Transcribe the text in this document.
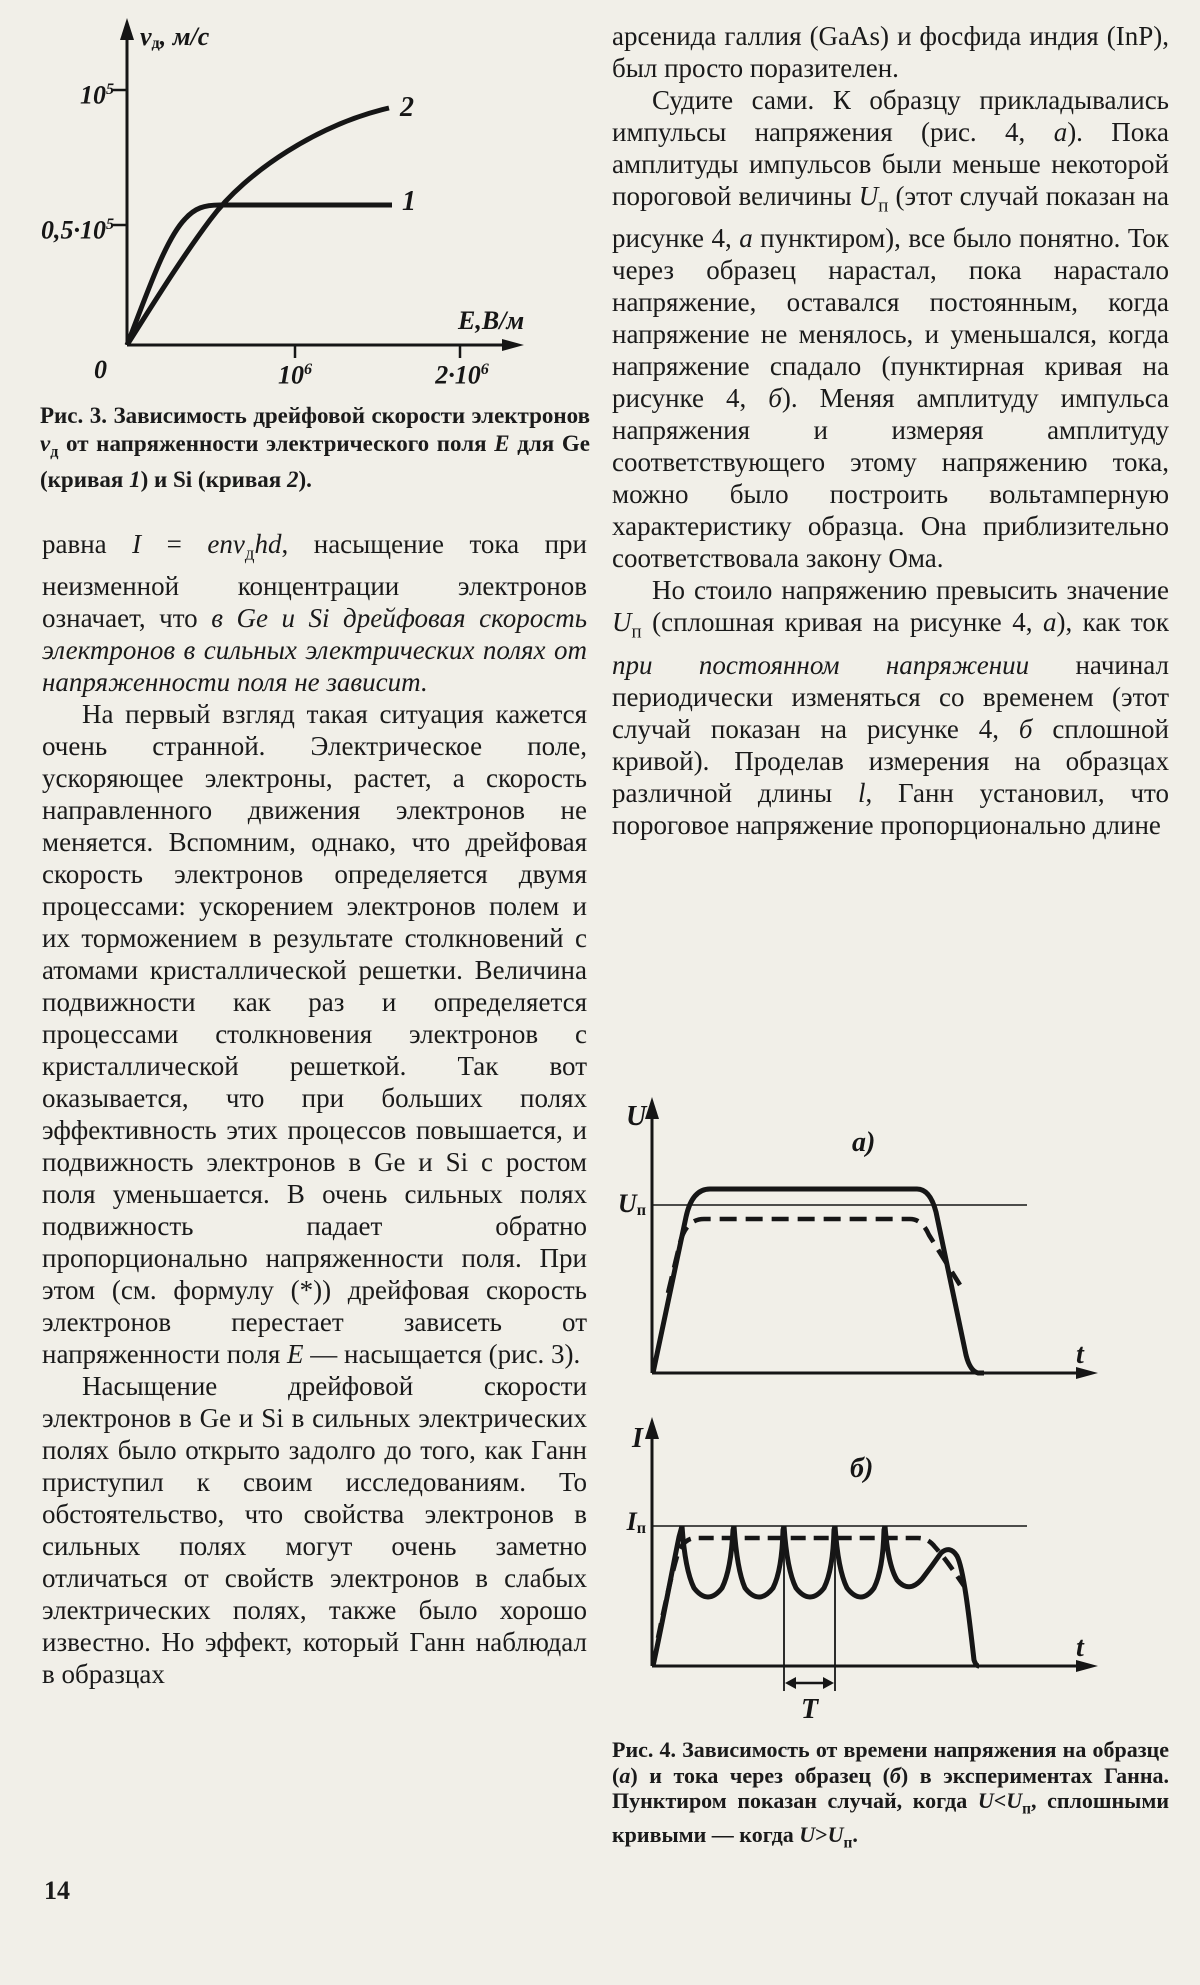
$v_д$, м/с
$10^5$
$0,5\cdot 10^5$
0	$10^6$	$2\cdot 10^6$
E,В/м
2
1
Рис. 3. Зависимость дрейфовой скорости электронов $v_д$ от напряженности электрического поля E для Ge (кривая 1) и Si (кривая 2).

равна I = env$_д$hd, насыщение тока при неизменной концентрации электронов означает, что в Ge и Si дрейфовая скорость электронов в сильных электрических полях от напряженности поля не зависит.

На первый взгляд такая ситуация кажется очень странной. Электрическое поле, ускоряющее электроны, растет, а скорость направленного движения электронов не меняется. Вспомним, однако, что дрейфовая скорость электронов определяется двумя процессами: ускорением электронов полем и их торможением в результате столкновений с атомами кристаллической решетки. Величина подвижности как раз и определяется процессами столкновения электронов с кристаллической решеткой. Так вот оказывается, что при больших полях эффективность этих процессов повышается, и подвижность электронов в Ge и Si с ростом поля уменьшается. В очень сильных полях подвижность падает обратно пропорционально напряженности поля. При этом (см. формулу (*)) дрейфовая скорость электронов перестает зависеть от напряженности поля E — насыщается (рис. 3).

Насыщение дрейфовой скорости электронов в Ge и Si в сильных электрических полях было открыто задолго до того, как Ганн приступил к своим исследованиям. То обстоятельство, что свойства электронов в сильных полях могут очень заметно отличаться от свойств электронов в слабых электрических полях, также было хорошо известно. Но эффект, который Ганн наблюдал в образцах

14

арсенида галлия (GaAs) и фосфида индия (InP), был просто поразителен.

Судите сами. К образцу прикладывались импульсы напряжения (рис. 4, а). Пока амплитуды импульсов были меньше некоторой пороговой величины $U_п$ (этот случай показан на рисунке 4, а пунктиром), все было понятно. Ток через образец нарастал, пока нарастало напряжение, оставался постоянным, когда напряжение не менялось, и уменьшался, когда напряжение спадало (пунктирная кривая на рисунке 4, б). Меняя амплитуду импульса напряжения и измеряя амплитуду соответствующего этому напряжению тока, можно было построить вольтамперную характеристику образца. Она приблизительно соответствовала закону Ома.

Но стоило напряжению превысить значение $U_п$ (сплошная кривая на рисунке 4, а), как ток при постоянном напряжении начинал периодически изменяться со временем (этот случай показан на рисунке 4, б сплошной кривой). Проделав измерения на образцах различной длины l, Ганн установил, что пороговое напряжение пропорционально длине

U
а)
$U_п$
t
I
б)
$I_п$
t
T
Рис. 4. Зависимость от времени напряжения на образце (а) и тока через образец (б) в экспериментах Ганна. Пунктиром показан случай, когда $U<U_п$, сплошными кривыми — когда $U>U_п$.
